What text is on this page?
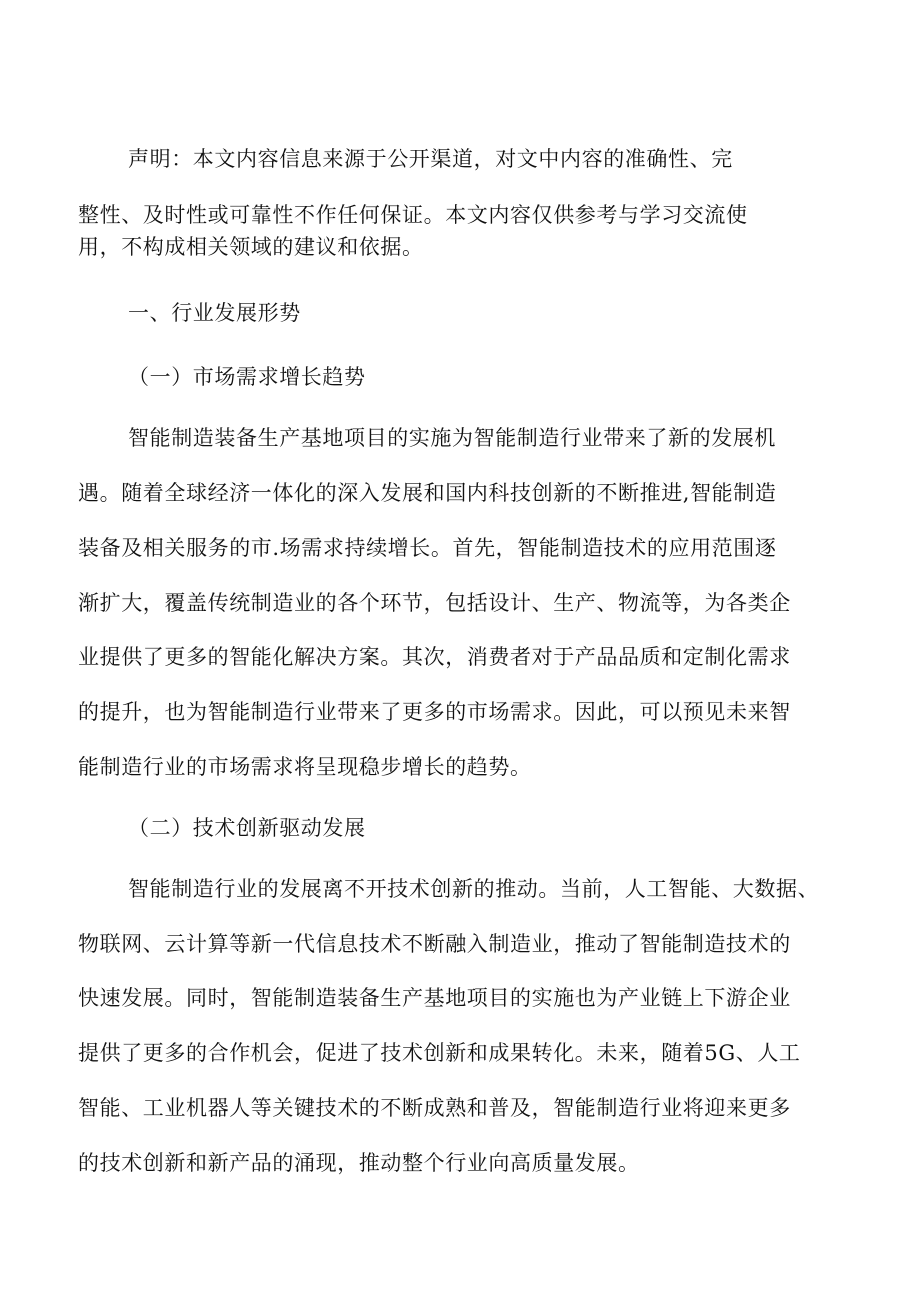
声明：本文内容信息来源于公开渠道，对文中内容的准确性、完
整性、及时性或可靠性不作任何保证。本文内容仅供参考与学习交流使
用，不构成相关领域的建议和依据。
一、行业发展形势
（一）市场需求增长趋势
智能制造装备生产基地项目的实施为智能制造行业带来了新的发展机
遇。随着全球经济一体化的深入发展和国内科技创新的不断推进,智能制造
装备及相关服务的市.场需求持续增长。首先，智能制造技术的应用范围逐
渐扩大，覆盖传统制造业的各个环节，包括设计、生产、物流等，为各类企
业提供了更多的智能化解决方案。其次，消费者对于产品品质和定制化需求
的提升，也为智能制造行业带来了更多的市场需求。因此，可以预见未来智
能制造行业的市场需求将呈现稳步增长的趋势。
（二）技术创新驱动发展
智能制造行业的发展离不开技术创新的推动。当前，人工智能、大数据、
物联网、云计算等新一代信息技术不断融入制造业，推动了智能制造技术的
快速发展。同时，智能制造装备生产基地项目的实施也为产业链上下游企业
提供了更多的合作机会，促进了技术创新和成果转化。未来，随着5G、人工
智能、工业机器人等关键技术的不断成熟和普及，智能制造行业将迎来更多
的技术创新和新产品的涌现，推动整个行业向高质量发展。
